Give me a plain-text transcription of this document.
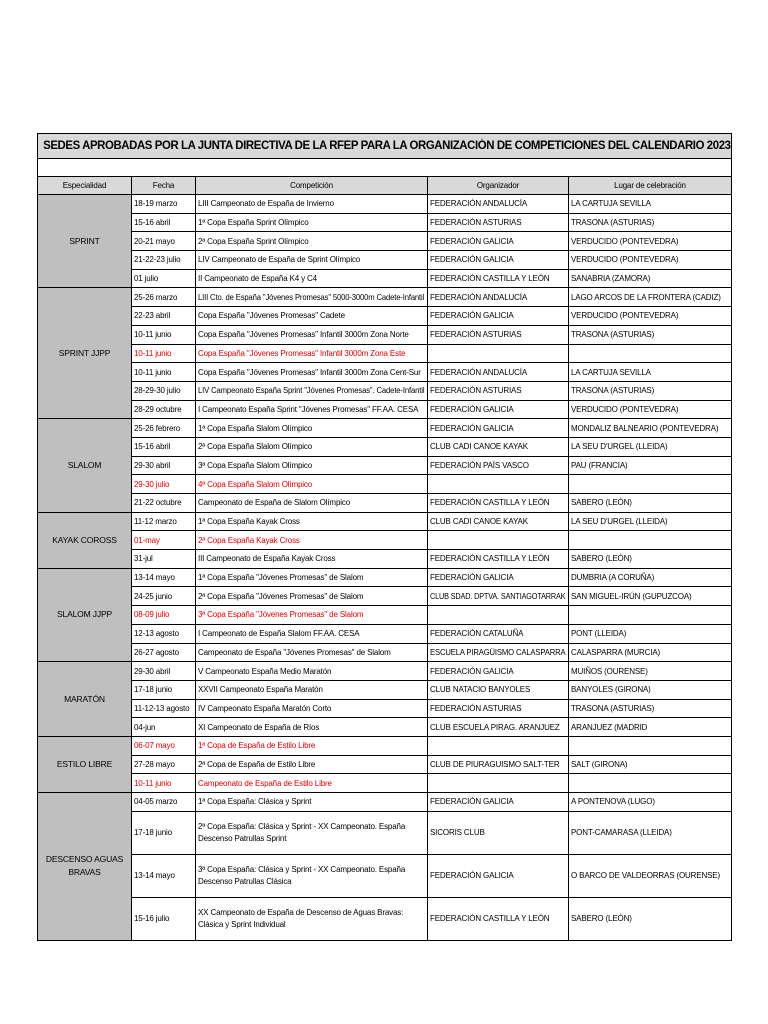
SEDES APROBADAS POR LA JUNTA DIRECTIVA DE LA RFEP PARA LA ORGANIZACIÓN DE COMPETICIONES DEL CALENDARIO 2023				

Especialidad	Fecha	Competición	Organizador	Lugar de celebración
SPRINT	18-19 marzo	LIII Campeonato de España de Invierno	FEDERACIÓN ANDALUCÍA	LA CARTUJA SEVILLA
	15-16 abril	1ª Copa España Sprint Olímpico	FEDERACIÓN ASTURIAS	TRASONA (ASTURIAS)
	20-21 mayo	2ª Copa España Sprint Olímpico	FEDERACIÓN GALICIA	VERDUCIDO (PONTEVEDRA)
	21-22-23 julio	LIV Campeonato de España de Sprint Olímpico	FEDERACIÓN GALICIA	VERDUCIDO (PONTEVEDRA)
	01 julio	II Campeonato de España K4 y C4	FEDERACIÓN CASTILLA Y LEÓN	SANABRIA (ZAMORA)
SPRINT JJPP	25-26 marzo	LIII Cto. de España "Jóvenes Promesas" 5000-3000m Cadete-Infantil	FEDERACIÓN ANDALUCÍA	LAGO ARCOS DE LA FRONTERA (CADIZ)
	22-23 abril	Copa España "Jóvenes Promesas" Cadete	FEDERACIÓN GALICIA	VERDUCIDO (PONTEVEDRA)
	10-11 junio	Copa España "Jóvenes Promesas" Infantil 3000m Zona Norte	FEDERACIÓN ASTURIAS	TRASONA (ASTURIAS)
	10-11 junio	Copa España "Jóvenes Promesas" Infantil 3000m Zona Este		
	10-11 junio	Copa España "Jóvenes Promesas" Infantil 3000m Zona Cent-Sur	FEDERACIÓN ANDALUCÍA	LA CARTUJA SEVILLA
	28-29-30 julio	LIV Campeonato España Sprint "Jóvenes Promesas". Cadete-Infantil	FEDERACIÓN ASTURIAS	TRASONA (ASTURIAS)
	28-29 octubre	I Campeonato España Sprint "Jóvenes Promesas" FF.AA. CESA	FEDERACIÓN GALICIA	VERDUCIDO (PONTEVEDRA)
SLALOM	25-26 febrero	1ª Copa España Slalom Olímpico	FEDERACIÓN GALICIA	MONDALIZ BALNEARIO (PONTEVEDRA)
	15-16 abril	2ª Copa España Slalom Olímpico	CLUB CADI CANOE KAYAK	LA SEU D'URGEL (LLEIDA)
	29-30 abril	3ª Copa España Slalom Olímpico	FEDERACIÓN PAÍS VASCO	PAU (FRANCIA)
	29-30 julio	4ª Copa España Slalom Olímpico		
	21-22 octubre	Campeonato de España de Slalom Olímpico	FEDERACIÓN CASTILLA Y LEÓN	SABERO (LEÓN)
KAYAK COROSS	11-12 marzo	1ª Copa España Kayak Cross	CLUB CADI CANOE KAYAK	LA SEU D'URGEL (LLEIDA)
	01-may	2ª Copa España Kayak Cross		
	31-jul	III Campeonato de España Kayak Cross	FEDERACIÓN CASTILLA Y LEÓN	SABERO (LEÓN)
SLALOM JJPP	13-14 mayo	1ª Copa España "Jóvenes Promesas" de Slalom	FEDERACIÓN GALICIA	DUMBRIA (A CORUÑA)
	24-25 junio	2ª Copa España "Jóvenes Promesas" de Slalom	CLUB SDAD. DPTVA. SANTIAGOTARRAK	SAN MIGUEL-IRÚN (GUPUZCOA)
	08-09 julio	3ª Copa España "Jóvenes Promesas" de Slalom		
	12-13 agosto	I Campeonato de España Slalom FF.AA. CESA	FEDERACIÓN CATALUÑA	PONT (LLEIDA)
	26-27 agosto	Campeonato de España "Jóvenes Promesas" de Slalom	ESCUELA PIRAGÜISMO CALASPARRA	CALASPARRA (MURCIA)
MARATÓN	29-30 abril	V Campeonato España Medio Maratón	FEDERACIÓN GALICIA	MUIÑOS (OURENSE)
	17-18 junio	XXVII Campeonato España Maratón	CLUB NATACIO BANYOLES	BANYOLES (GIRONA)
	11-12-13 agosto	IV Campeonato España Maratón Corto	FEDERACIÓN ASTURIAS	TRASONA (ASTURIAS)
	04-jun	XI Campeonato de España de Ríos	CLUB ESCUELA PIRAG. ARANJUEZ	ARANJUEZ (MADRID
ESTILO LIBRE	06-07 mayo	1ª Copa de España de Estilo Libre		
	27-28 mayo	2ª Copa de España de Estilo Libre	CLUB DE PIURAGUISMO SALT-TER	SALT (GIRONA)
	10-11 junio	Campeonato de España de Estilo Libre		
DESCENSO AGUAS BRAVAS	04-05 marzo	1ª Copa España: Clásica y Sprint	FEDERACIÓN GALICIA	A PONTENOVA (LUGO)
	17-18 junio	2ª Copa España: Clásica y Sprint - XX Campeonato. España Descenso Patrullas Sprint	SICORIS CLUB	PONT-CAMARASA (LLEIDA)
	13-14 mayo	3ª Copa España: Clásica y Sprint - XX Campeonato. España Descenso Patrullas Clásica	FEDERACIÓN GALICIA	O BARCO DE VALDEORRAS (OURENSE)
	15-16 julio	XX Campeonato de España de Descenso de Aguas Bravas: Clásica y Sprint Individual	FEDERACIÓN CASTILLA Y LEÓN	SABERO (LEÓN)
